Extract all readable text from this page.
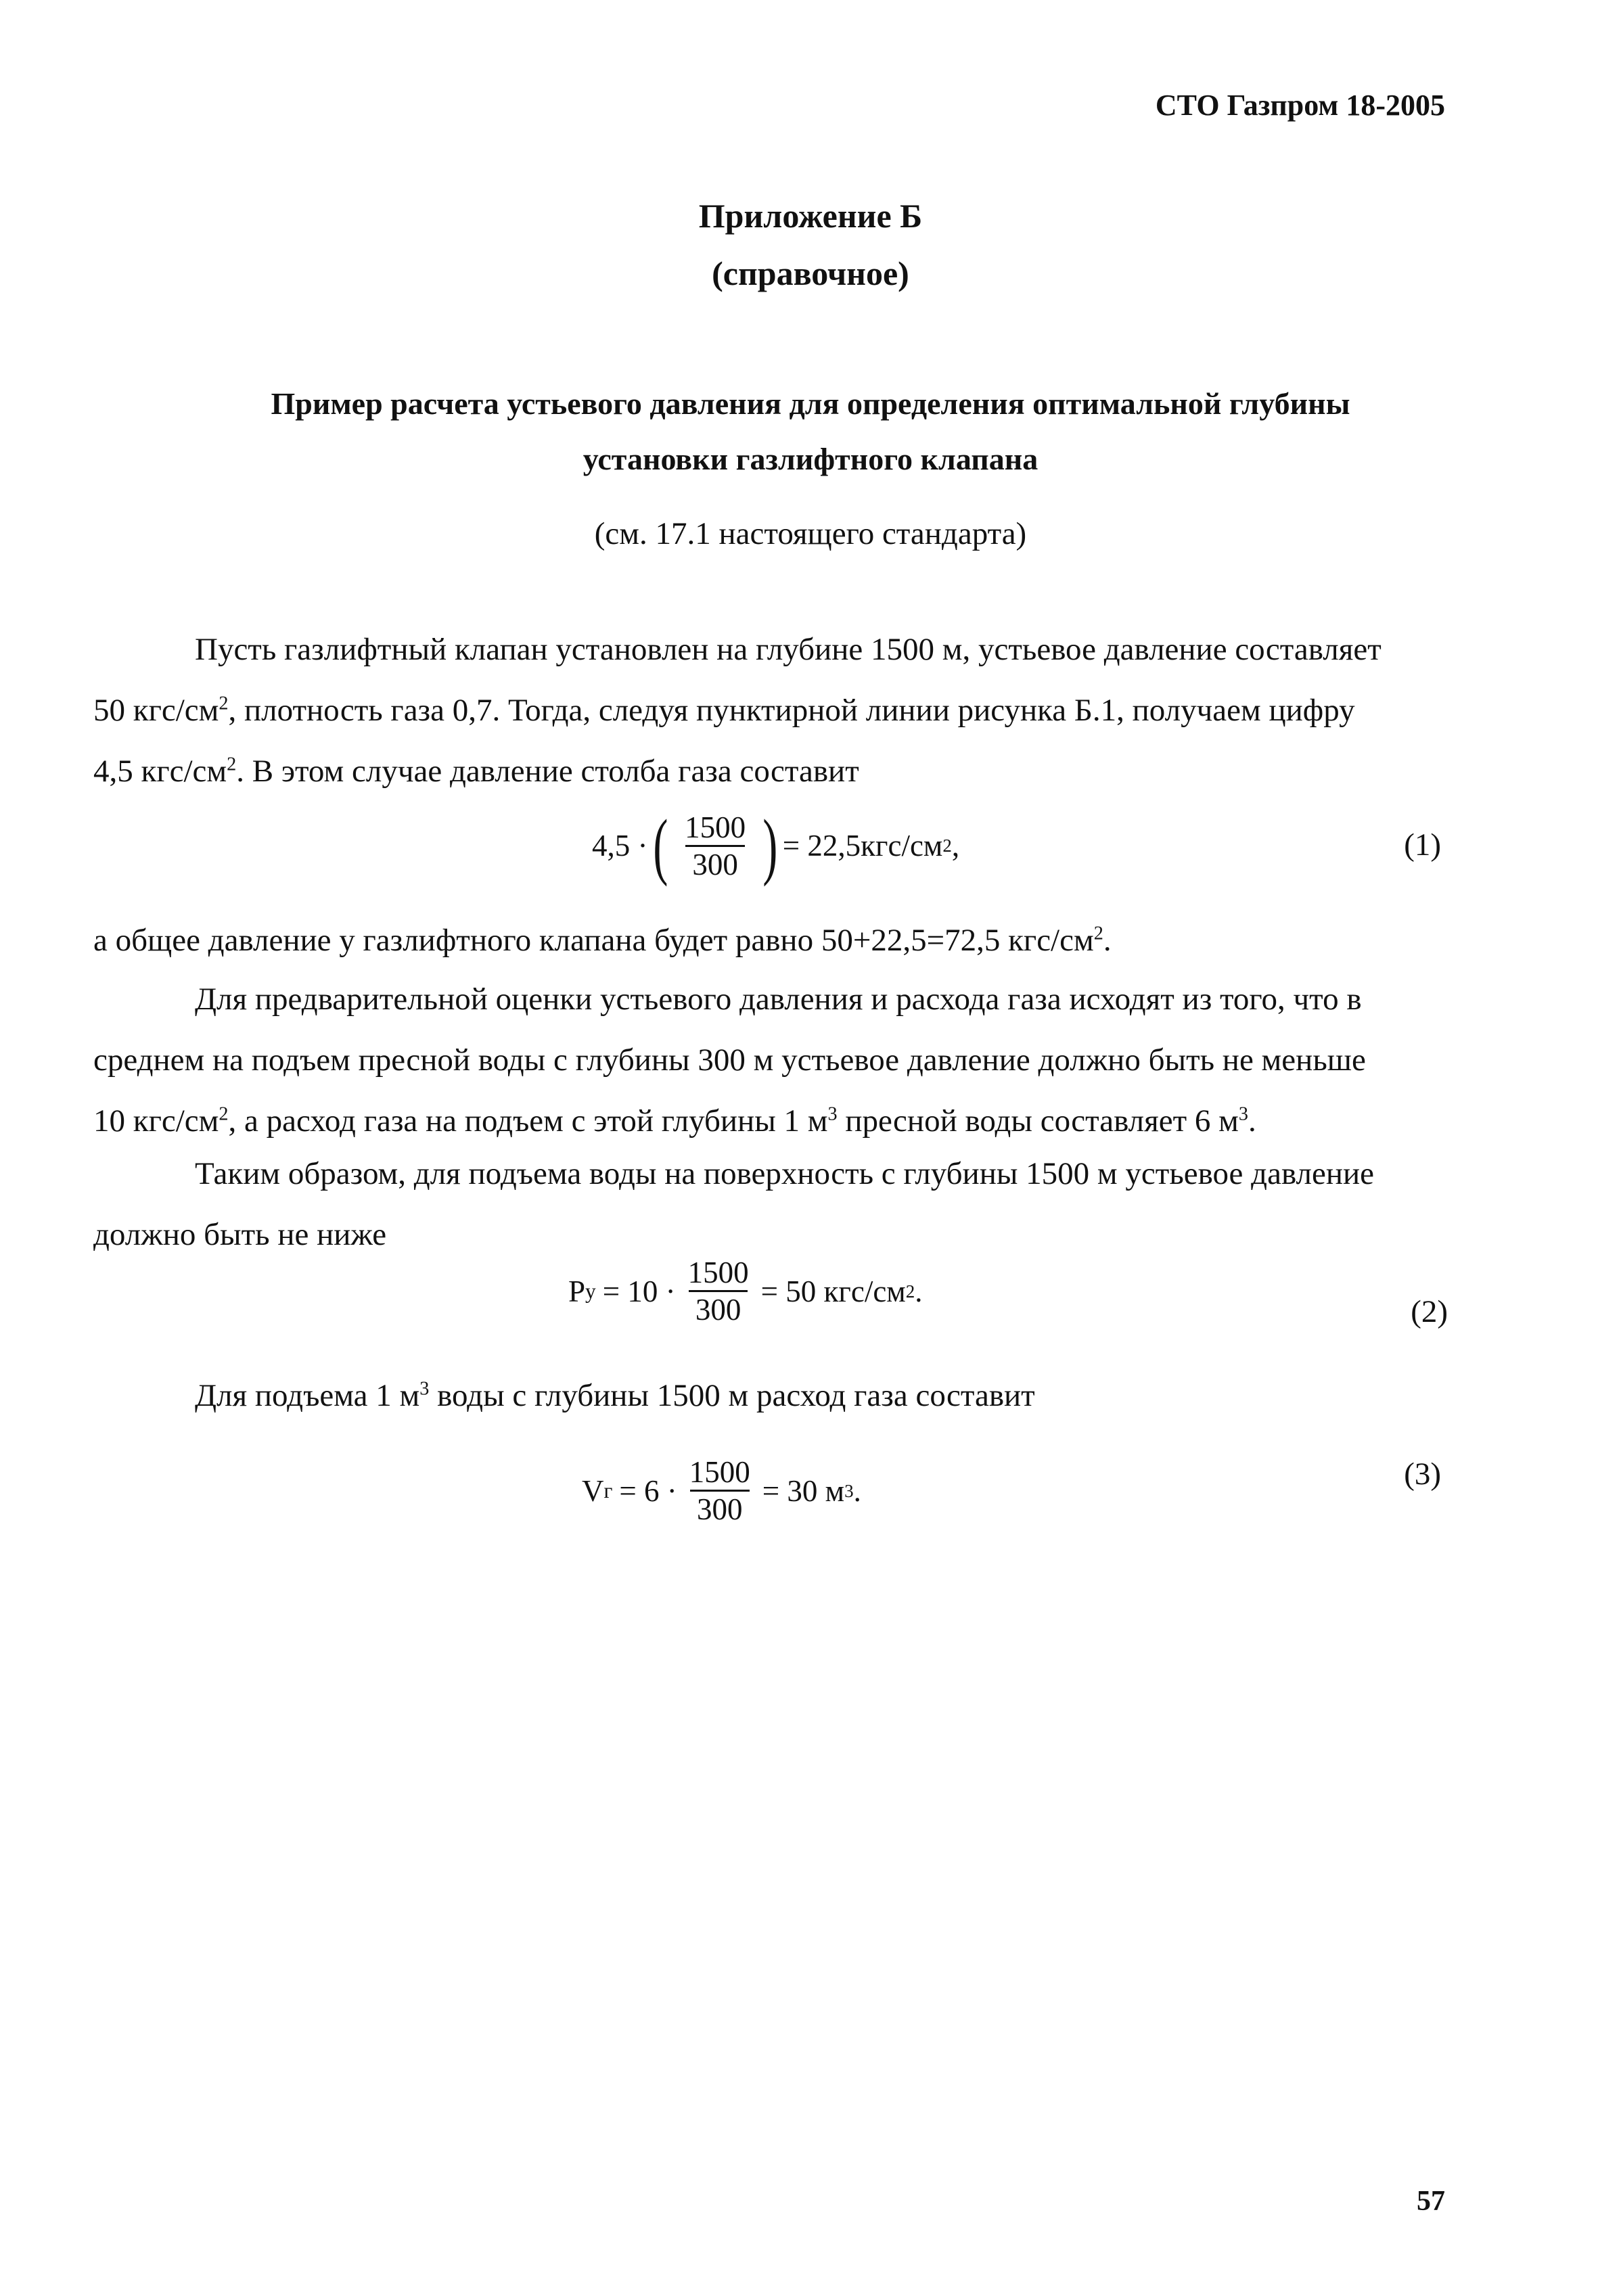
СТО Газпром 18-2005
Приложение Б
(справочное)
Пример расчета устьевого давления для определения оптимальной глубины
установки газлифтного клапана
(см. 17.1 настоящего стандарта)
Пусть газлифтный клапан установлен на глубине 1500 м, устьевое давление составляет
50 кгс/$см^2$, плотность газа 0,7. Тогда, следуя пунктирной линии рисунка Б.1, получаем цифру
4,5 кгс/$см^2$. В этом случае давление столба газа составит
4,5 · ( $\frac{1500}{300}$ ) = 22,5кгс/см 2 ,	(1)
а общее давление у газлифтного клапана будет равно 50+22,5=72,5 кгс/$см^2$.
Для предварительной оценки устьевого давления и расхода газа исходят из того, что в
среднем на подъем пресной воды с глубины 300 м устьевое давление должно быть не меньше
10 кгс/$см^2$, а расход газа на подъем с этой глубины 1 $м^3$ пресной воды составляет 6 $м^3$.
Таким образом, для подъема воды на поверхность с глубины 1500 м устьевое давление
должно быть не ниже
P $у = 10 \cdot \frac{1500}{300} = 50$ кгс/см 2 .
(2)
Для подъема 1 $м^3$ воды с глубины 1500 м расход газа составит
V $г = 6 \cdot \frac{1500}{300} = 30$ м 3 .	(3)
57
